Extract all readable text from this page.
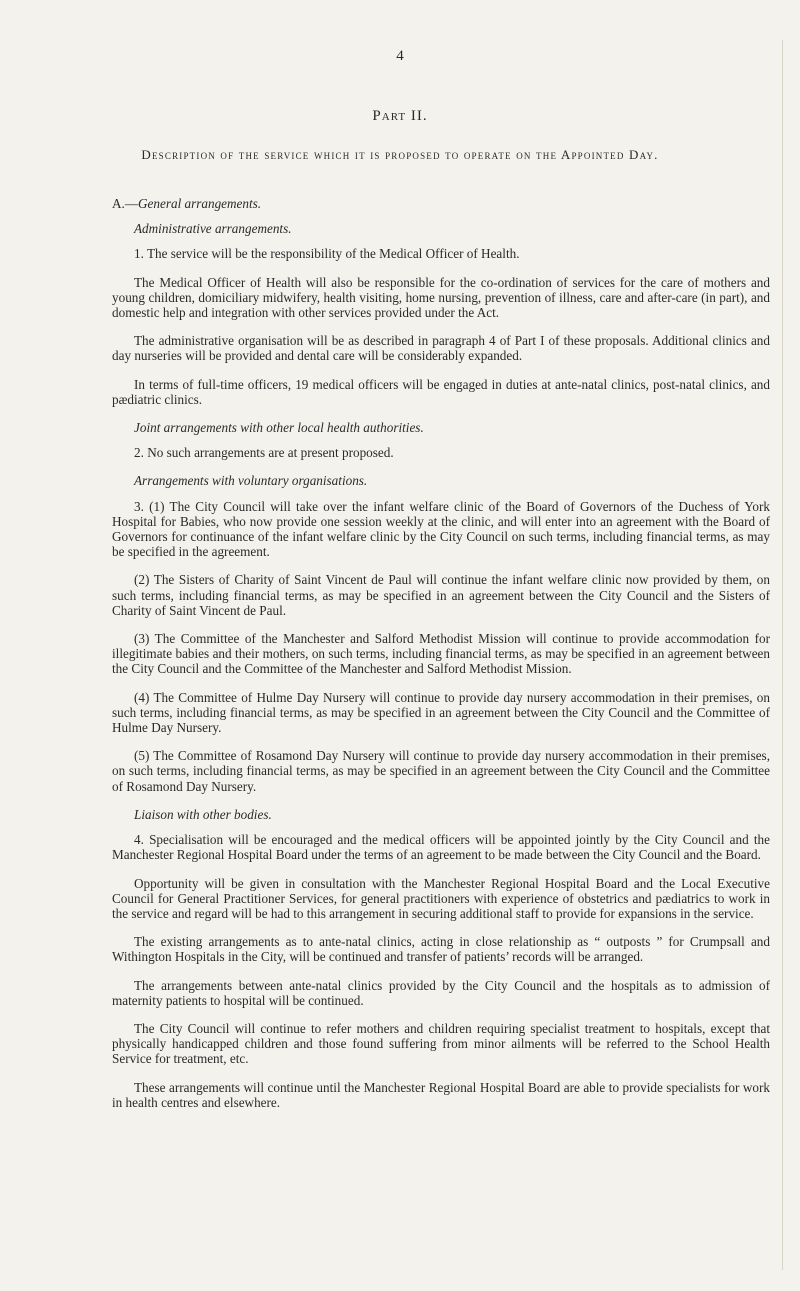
4
Part II.
Description of the service which it is proposed to operate on the Appointed Day.

A.—General arrangements.

Administrative arrangements.

1. The service will be the responsibility of the Medical Officer of Health.

The Medical Officer of Health will also be responsible for the co-ordination of services for the care of mothers and young children, domiciliary midwifery, health visiting, home nursing, prevention of illness, care and after-care (in part), and domestic help and integration with other services provided under the Act.

The administrative organisation will be as described in paragraph 4 of Part I of these proposals. Additional clinics and day nurseries will be provided and dental care will be considerably expanded.

In terms of full-time officers, 19 medical officers will be engaged in duties at ante-natal clinics, post-natal clinics, and pædiatric clinics.

Joint arrangements with other local health authorities.

2. No such arrangements are at present proposed.

Arrangements with voluntary organisations.

3. (1) The City Council will take over the infant welfare clinic of the Board of Governors of the Duchess of York Hospital for Babies, who now provide one session weekly at the clinic, and will enter into an agreement with the Board of Governors for continuance of the infant welfare clinic by the City Council on such terms, including financial terms, as may be specified in the agreement.

(2) The Sisters of Charity of Saint Vincent de Paul will continue the infant welfare clinic now provided by them, on such terms, including financial terms, as may be specified in an agreement between the City Council and the Sisters of Charity of Saint Vincent de Paul.

(3) The Committee of the Manchester and Salford Methodist Mission will continue to provide accommodation for illegitimate babies and their mothers, on such terms, including financial terms, as may be specified in an agreement between the City Council and the Committee of the Manchester and Salford Methodist Mission.

(4) The Committee of Hulme Day Nursery will continue to provide day nursery accommodation in their premises, on such terms, including financial terms, as may be specified in an agreement between the City Council and the Committee of Hulme Day Nursery.

(5) The Committee of Rosamond Day Nursery will continue to provide day nursery accommodation in their premises, on such terms, including financial terms, as may be specified in an agreement between the City Council and the Committee of Rosamond Day Nursery.

Liaison with other bodies.

4. Specialisation will be encouraged and the medical officers will be appointed jointly by the City Council and the Manchester Regional Hospital Board under the terms of an agreement to be made between the City Council and the Board.

Opportunity will be given in consultation with the Manchester Regional Hospital Board and the Local Executive Council for General Practitioner Services, for general practitioners with experience of obstetrics and pædiatrics to work in the service and regard will be had to this arrangement in securing additional staff to provide for expansions in the service.

The existing arrangements as to ante-natal clinics, acting in close relationship as “ outposts ” for Crumpsall and Withington Hospitals in the City, will be continued and transfer of patients’ records will be arranged.

The arrangements between ante-natal clinics provided by the City Council and the hospitals as to admission of maternity patients to hospital will be continued.

The City Council will continue to refer mothers and children requiring specialist treatment to hospitals, except that physically handicapped children and those found suffering from minor ailments will be referred to the School Health Service for treatment, etc.

These arrangements will continue until the Manchester Regional Hospital Board are able to provide specialists for work in health centres and elsewhere.
